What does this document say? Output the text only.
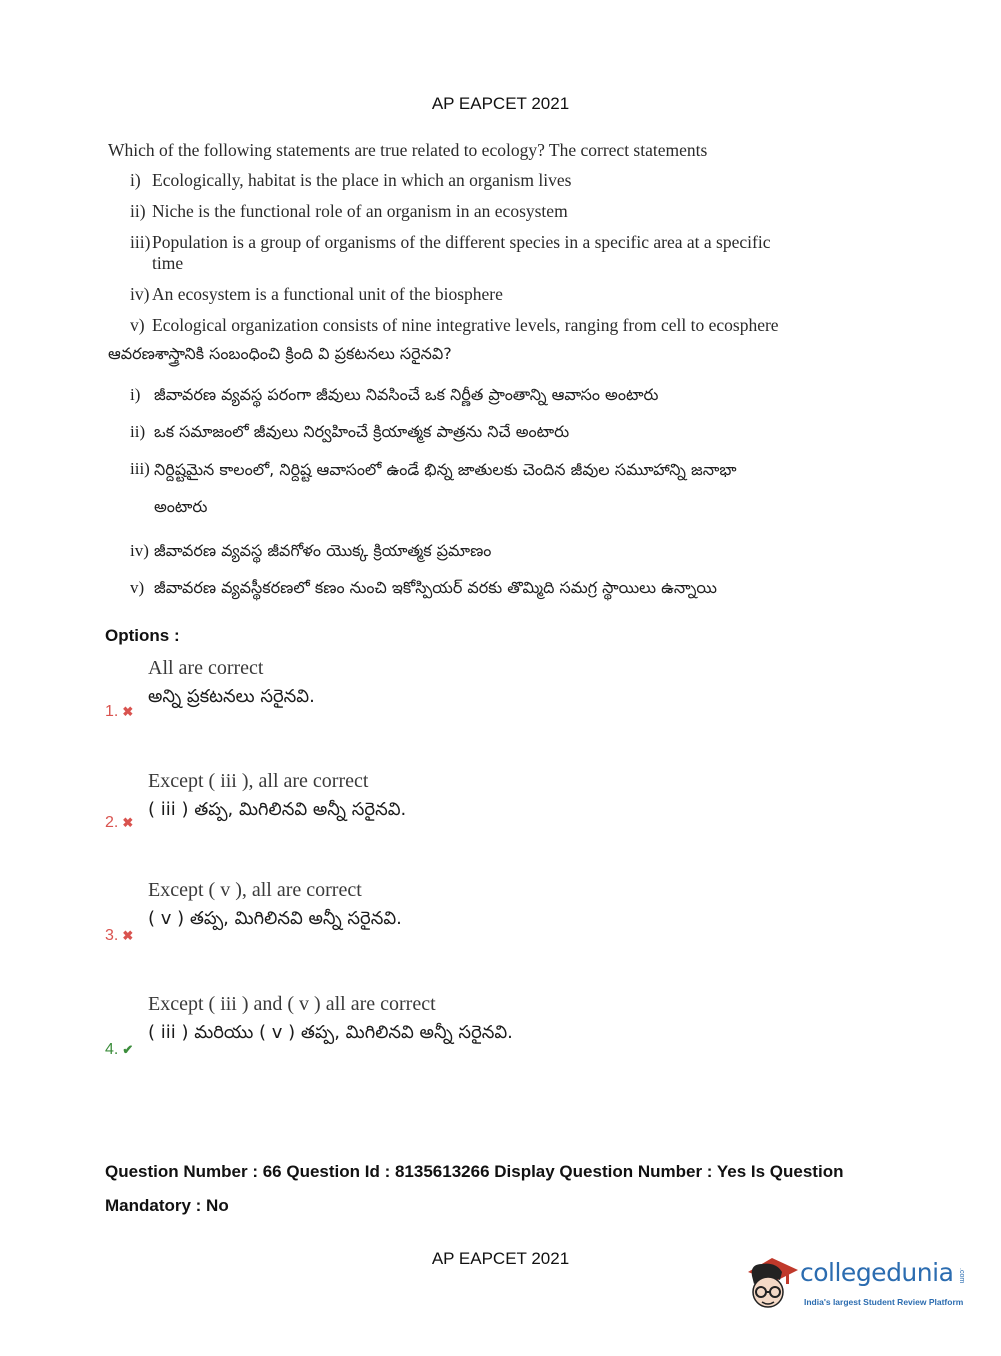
AP EAPCET 2021
Which of the following statements are true related to ecology? The correct statements
i) Ecologically, habitat is the place in which an organism lives
ii) Niche is the functional role of an organism in an ecosystem
iii) Population is a group of organisms of the different species in a specific area at a specific time
iv) An ecosystem is a functional unit of the biosphere
v) Ecological organization consists of nine integrative levels, ranging from cell to ecosphere
ఆవరణశాస్త్రానికి సంబంధించి క్రింది వి ప్రకటనలు సరైనవి?
i) జీవావరణ వ్యవస్థ పరంగా జీవులు నివసించే ఒక నిర్ణీత ప్రాంతాన్ని ఆవాసం అంటారు
ii) ఒక సమాజంలో జీవులు నిర్వహించే క్రియాత్మక పాత్రను నిచే అంటారు
iii) నిర్దిష్టమైన కాలంలో, నిర్దిష్ట ఆవాసంలో ఉండే భిన్న జాతులకు చెందిన జీవుల సమూహాన్ని జనాభా అంటారు
iv) జీవావరణ వ్యవస్థ జీవగోళం యొక్క క్రియాత్మక ప్రమాణం
v) జీవావరణ వ్యవస్థీకరణలో కణం నుంచి ఇకోస్పియర్ వరకు తొమ్మిది సమగ్ర స్థాయిలు ఉన్నాయి
Options :
All are correct
అన్ని ప్రకటనలు సరైనవి.
1. ✖
Except ( iii ), all are correct
( iii ) తప్ప, మిగిలినవి అన్నీ సరైనవి.
2. ✖
Except ( v ), all are correct
( v ) తప్ప, మిగిలినవి అన్నీ సరైనవి.
3. ✖
Except ( iii ) and ( v ) all are correct
( iii ) మరియు ( v ) తప్ప, మిగిలినవి అన్నీ సరైనవి.
4. ✔
Question Number : 66 Question Id : 8135613266 Display Question Number : Yes Is Question
Mandatory : No
AP EAPCET 2021	collegedunia .com
India's largest Student Review Platform
